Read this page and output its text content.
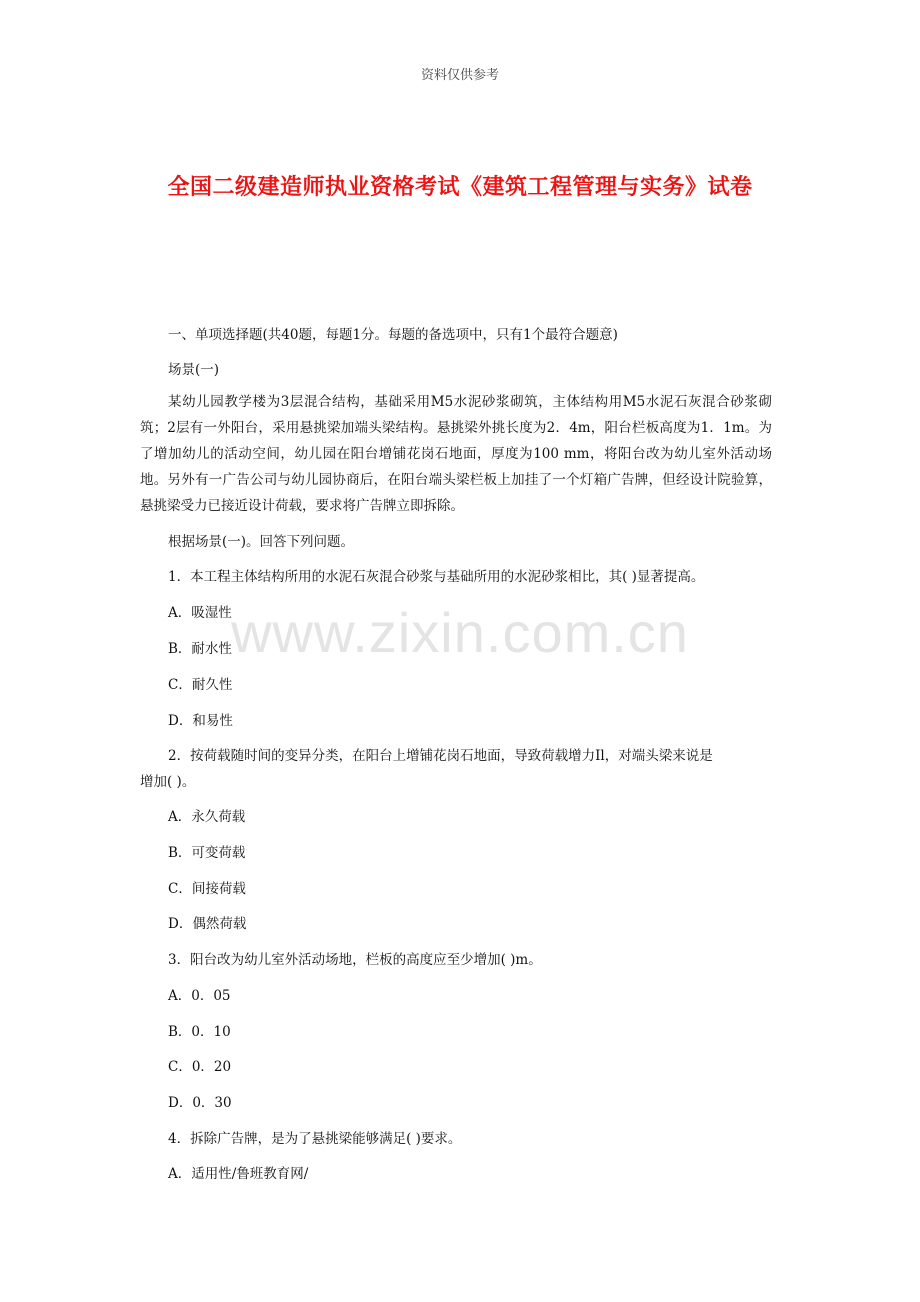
资料仅供参考
全国二级建造师执业资格考试《建筑工程管理与实务》试卷
www.zixin.com.cn
一、单项选择题(共40题，每题1分。每题的备选项中，只有1个最符合题意)
场景(一)
某幼儿园教学楼为3层混合结构，基础采用M5水泥砂浆砌筑，主体结构用M5水泥石灰混合砂浆砌筑；2层有一外阳台，采用悬挑梁加端头梁结构。悬挑梁外挑长度为2．4m，阳台栏板高度为1．1m。为了增加幼儿的活动空间，幼儿园在阳台增铺花岗石地面，厚度为100 mm，将阳台改为幼儿室外活动场地。另外有一广告公司与幼儿园协商后，在阳台端头梁栏板上加挂了一个灯箱广告牌，但经设计院验算，悬挑梁受力已接近设计荷载，要求将广告牌立即拆除。
根据场景(一)。回答下列问题。
1．本工程主体结构所用的水泥石灰混合砂浆与基础所用的水泥砂浆相比，其( )显著提高。
A．吸湿性
B．耐水性
C．耐久性
D．和易性
2．按荷载随时间的变异分类，在阳台上增铺花岗石地面，导致荷载增力Il，对端头梁来说是
增加( )。
A．永久荷载
B．可变荷载
C．间接荷载
D．偶然荷载
3．阳台改为幼儿室外活动场地，栏板的高度应至少增加( )m。
A．0．05
B．0．10
C．0．20
D．0．30
4．拆除广告牌，是为了悬挑梁能够满足( )要求。
A．适用性/鲁班教育网/
